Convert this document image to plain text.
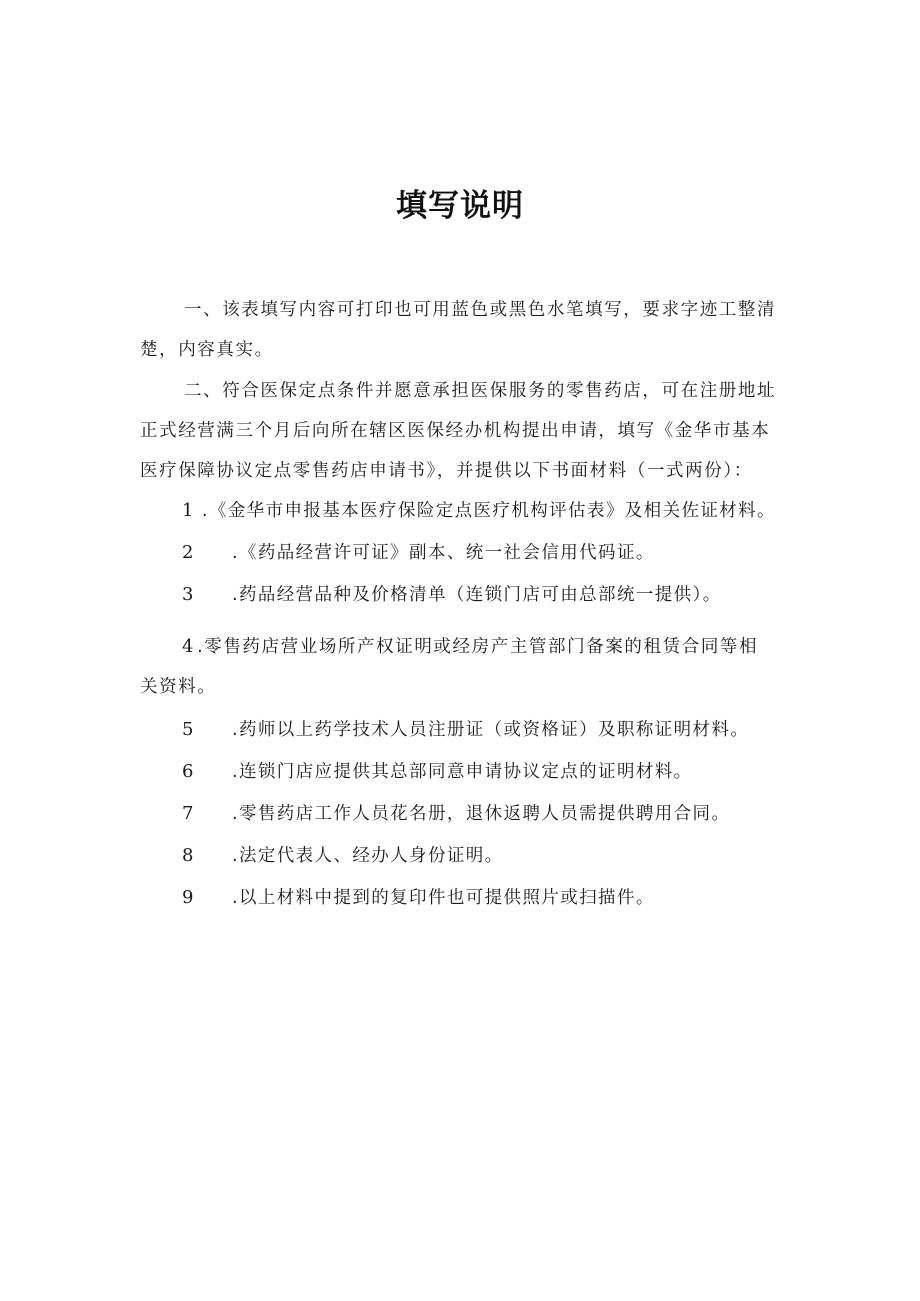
填写说明
一、该表填写内容可打印也可用蓝色或黑色水笔填写，要求字迹工整清
楚，内容真实。
二、符合医保定点条件并愿意承担医保服务的零售药店，可在注册地址
正式经营满三个月后向所在辖区医保经办机构提出申请，填写《金华市基本
医疗保障协议定点零售药店申请书》，并提供以下书面材料（一式两份）：
1 .《金华市申报基本医疗保险定点医疗机构评估表》及相关佐证材料。
2 .《药品经营许可证》副本、统一社会信用代码证。
3 .药品经营品种及价格清单（连锁门店可由总部统一提供）。
4 .零售药店营业场所产权证明或经房产主管部门备案的租赁合同等相
关资料。
5 .药师以上药学技术人员注册证（或资格证）及职称证明材料。
6 .连锁门店应提供其总部同意申请协议定点的证明材料。
7 .零售药店工作人员花名册，退休返聘人员需提供聘用合同。
8 .法定代表人、经办人身份证明。
9 .以上材料中提到的复印件也可提供照片或扫描件。
